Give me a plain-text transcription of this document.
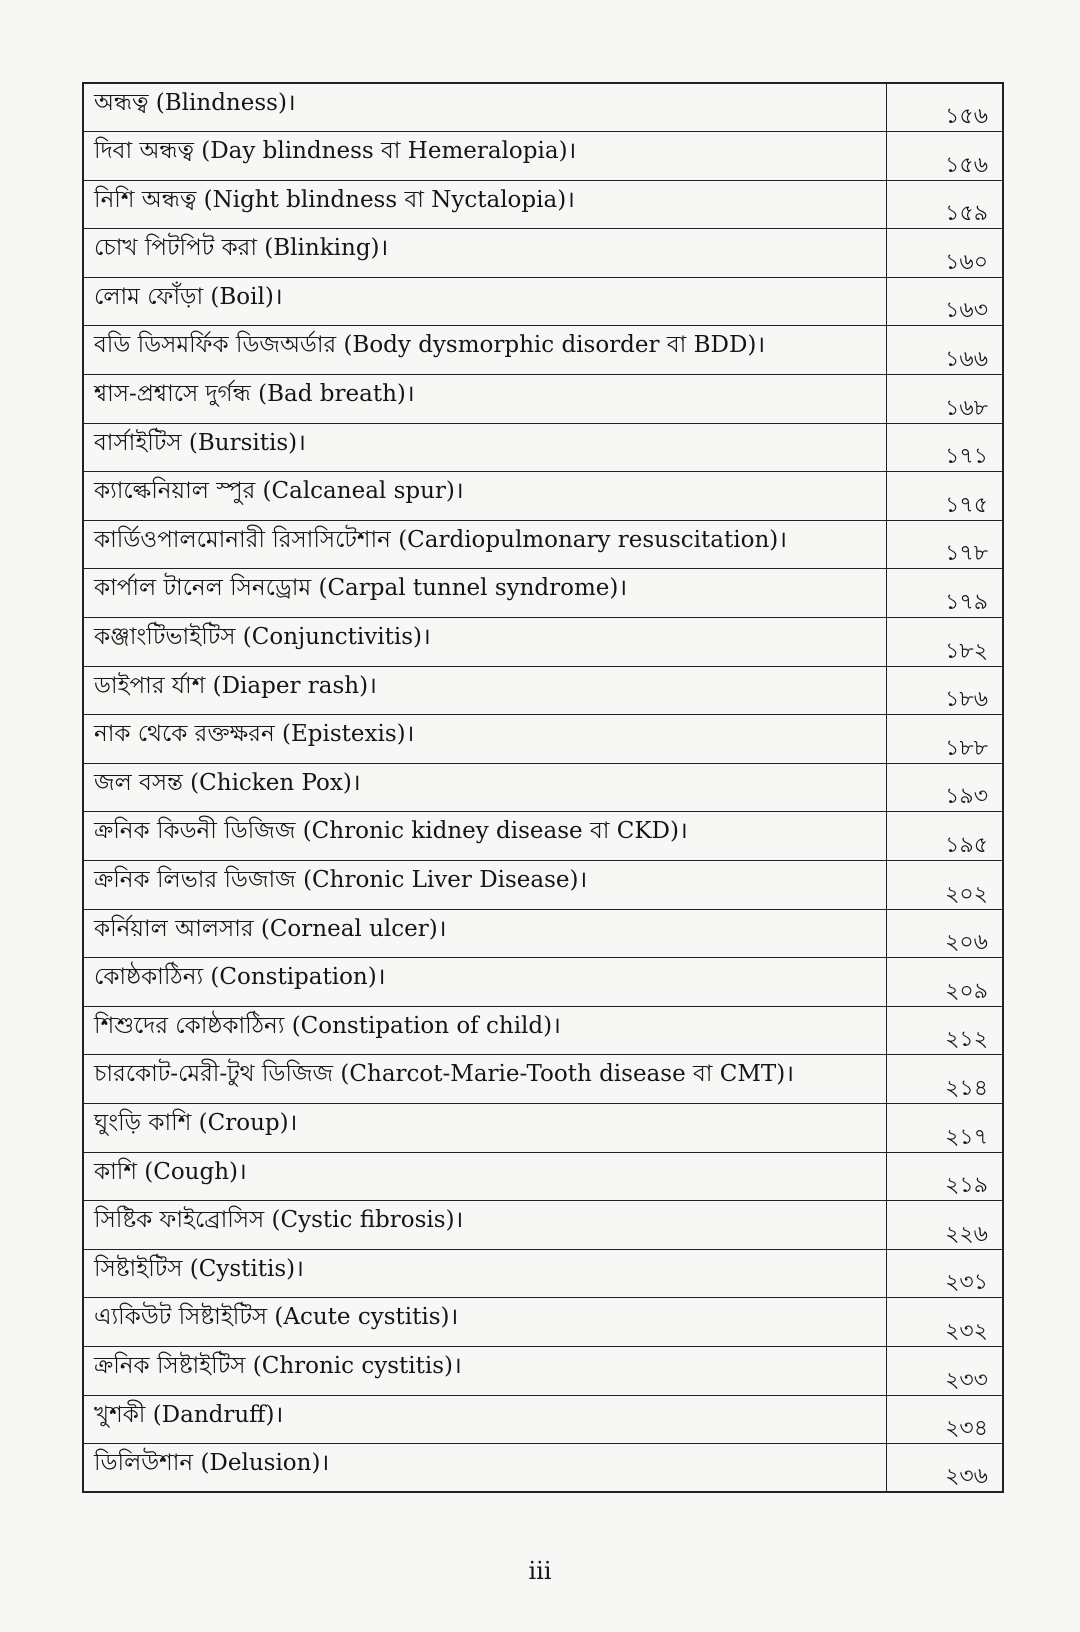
অন্ধত্ব (Blindness)।	১৫৬

দিবা অন্ধত্ব (Day blindness বা Hemeralopia)।	১৫৬

নিশি অন্ধত্ব (Night blindness বা Nyctalopia)।	১৫৯

চোখ পিটপিট করা (Blinking)।	১৬০

লোম ফোঁড়া (Boil)।	১৬৩

বডি ডিসমর্ফিক ডিজঅর্ডার (Body dysmorphic disorder বা BDD)।	১৬৬

শ্বাস-প্রশ্বাসে দুর্গন্ধ (Bad breath)।	১৬৮

বার্সাইটিস (Bursitis)।	১৭১

ক্যাল্কেনিয়াল স্পুর (Calcaneal spur)।	১৭৫

কার্ডিওপালমোনারী রিসাসিটেশান (Cardiopulmonary resuscitation)।	১৭৮

কার্পাল টানেল সিনড্রোম (Carpal tunnel syndrome)।	১৭৯

কঞ্জাংটিভাইটিস (Conjunctivitis)।	১৮২

ডাইপার র্যাশ (Diaper rash)।	১৮৬

নাক থেকে রক্তক্ষরন (Epistexis)।	১৮৮

জল বসন্ত (Chicken Pox)।	১৯৩

ক্রনিক কিডনী ডিজিজ (Chronic kidney disease বা CKD)।	১৯৫

ক্রনিক লিভার ডিজাজ (Chronic Liver Disease)।	২০২

কর্নিয়াল আলসার (Corneal ulcer)।	২০৬

কোষ্ঠকাঠিন্য (Constipation)।	২০৯

শিশুদের কোষ্ঠকাঠিন্য (Constipation of child)।	২১২

চারকোট-মেরী-টুথ ডিজিজ (Charcot-Marie-Tooth disease বা CMT)।	২১৪

ঘুংড়ি কাশি (Croup)।	২১৭

কাশি (Cough)।	২১৯

সিষ্টিক ফাইব্রোসিস (Cystic fibrosis)।	২২৬

সিষ্টাইটিস (Cystitis)।	২৩১

এ্যকিউট সিষ্টাইটিস (Acute cystitis)।	২৩২

ক্রনিক সিষ্টাইটিস (Chronic cystitis)।	২৩৩

খুশকী (Dandruff)।	২৩৪

ডিলিউশান (Delusion)।	২৩৬
iii
